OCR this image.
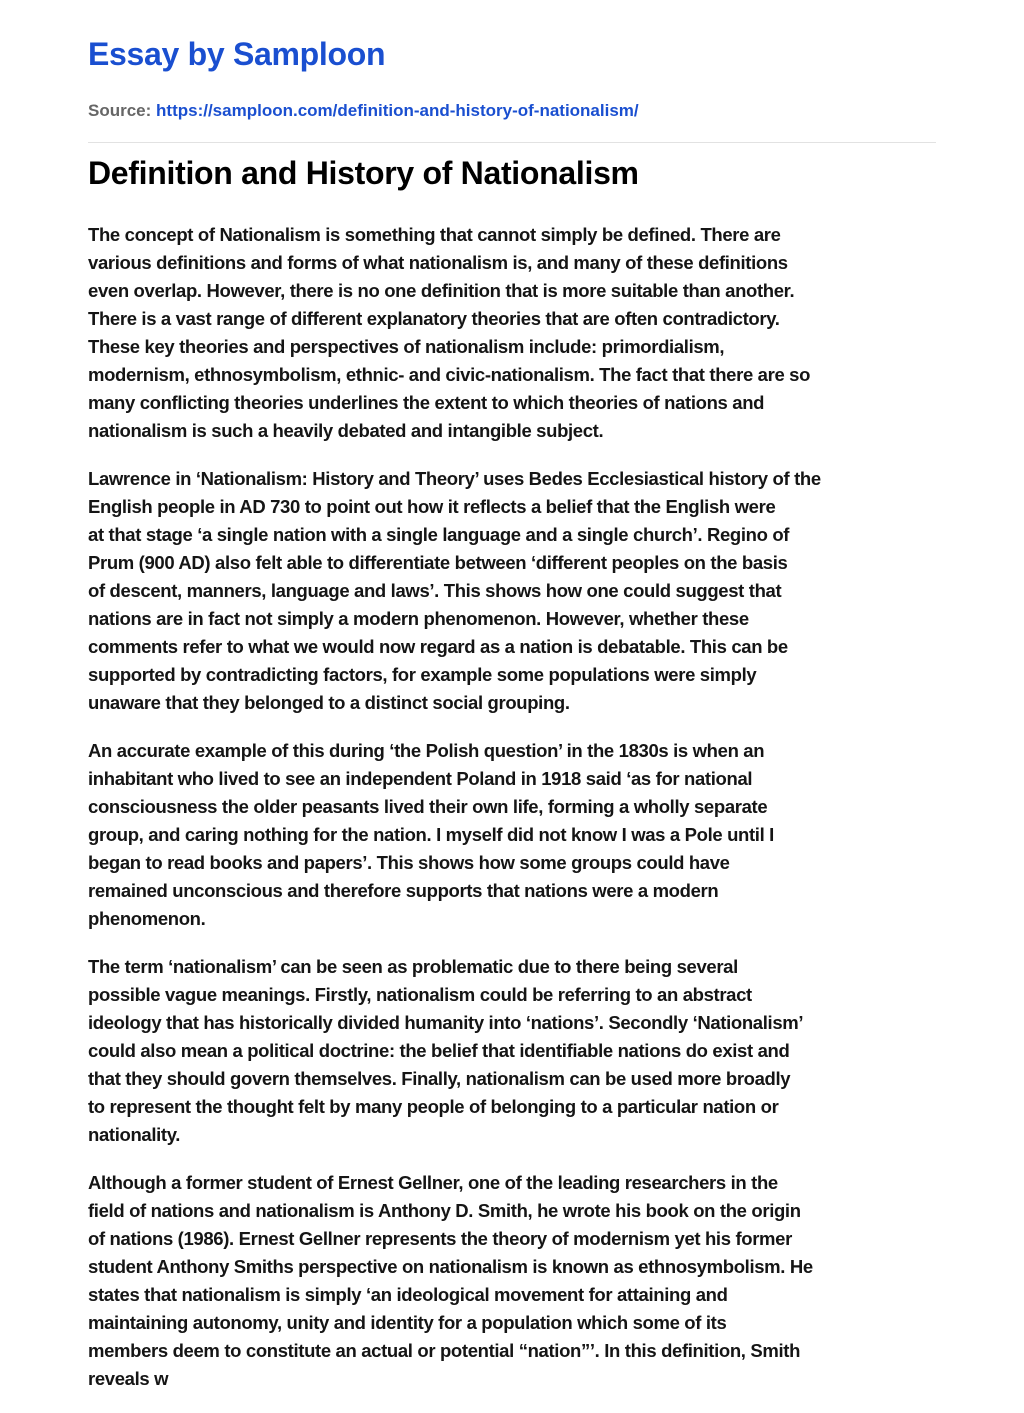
Essay by Samploon
Source: https://samploon.com/definition-and-history-of-nationalism/
Definition and History of Nationalism

The concept of Nationalism is something that cannot simply be defined. There are
various definitions and forms of what nationalism is, and many of these definitions
even overlap. However, there is no one definition that is more suitable than another.
There is a vast range of different explanatory theories that are often contradictory.
These key theories and perspectives of nationalism include: primordialism,
modernism, ethnosymbolism, ethnic- and civic-nationalism. The fact that there are so
many conflicting theories underlines the extent to which theories of nations and
nationalism is such a heavily debated and intangible subject.

Lawrence in ‘Nationalism: History and Theory’ uses Bedes Ecclesiastical history of the
English people in AD 730 to point out how it reflects a belief that the English were
at that stage ‘a single nation with a single language and a single church’. Regino of
Prum (900 AD) also felt able to differentiate between ‘different peoples on the basis
of descent, manners, language and laws’. This shows how one could suggest that
nations are in fact not simply a modern phenomenon. However, whether these
comments refer to what we would now regard as a nation is debatable. This can be
supported by contradicting factors, for example some populations were simply
unaware that they belonged to a distinct social grouping.

An accurate example of this during ‘the Polish question’ in the 1830s is when an
inhabitant who lived to see an independent Poland in 1918 said ‘as for national
consciousness the older peasants lived their own life, forming a wholly separate
group, and caring nothing for the nation. I myself did not know I was a Pole until I
began to read books and papers’. This shows how some groups could have
remained unconscious and therefore supports that nations were a modern
phenomenon.

The term ‘nationalism’ can be seen as problematic due to there being several
possible vague meanings. Firstly, nationalism could be referring to an abstract
ideology that has historically divided humanity into ‘nations’. Secondly ‘Nationalism’
could also mean a political doctrine: the belief that identifiable nations do exist and
that they should govern themselves. Finally, nationalism can be used more broadly
to represent the thought felt by many people of belonging to a particular nation or
nationality.

Although a former student of Ernest Gellner, one of the leading researchers in the
field of nations and nationalism is Anthony D. Smith, he wrote his book on the origin
of nations (1986). Ernest Gellner represents the theory of modernism yet his former
student Anthony Smiths perspective on nationalism is known as ethnosymbolism. He
states that nationalism is simply ‘an ideological movement for attaining and
maintaining autonomy, unity and identity for a population which some of its
members deem to constitute an actual or potential “nation”’. In this definition, Smith
reveals w
